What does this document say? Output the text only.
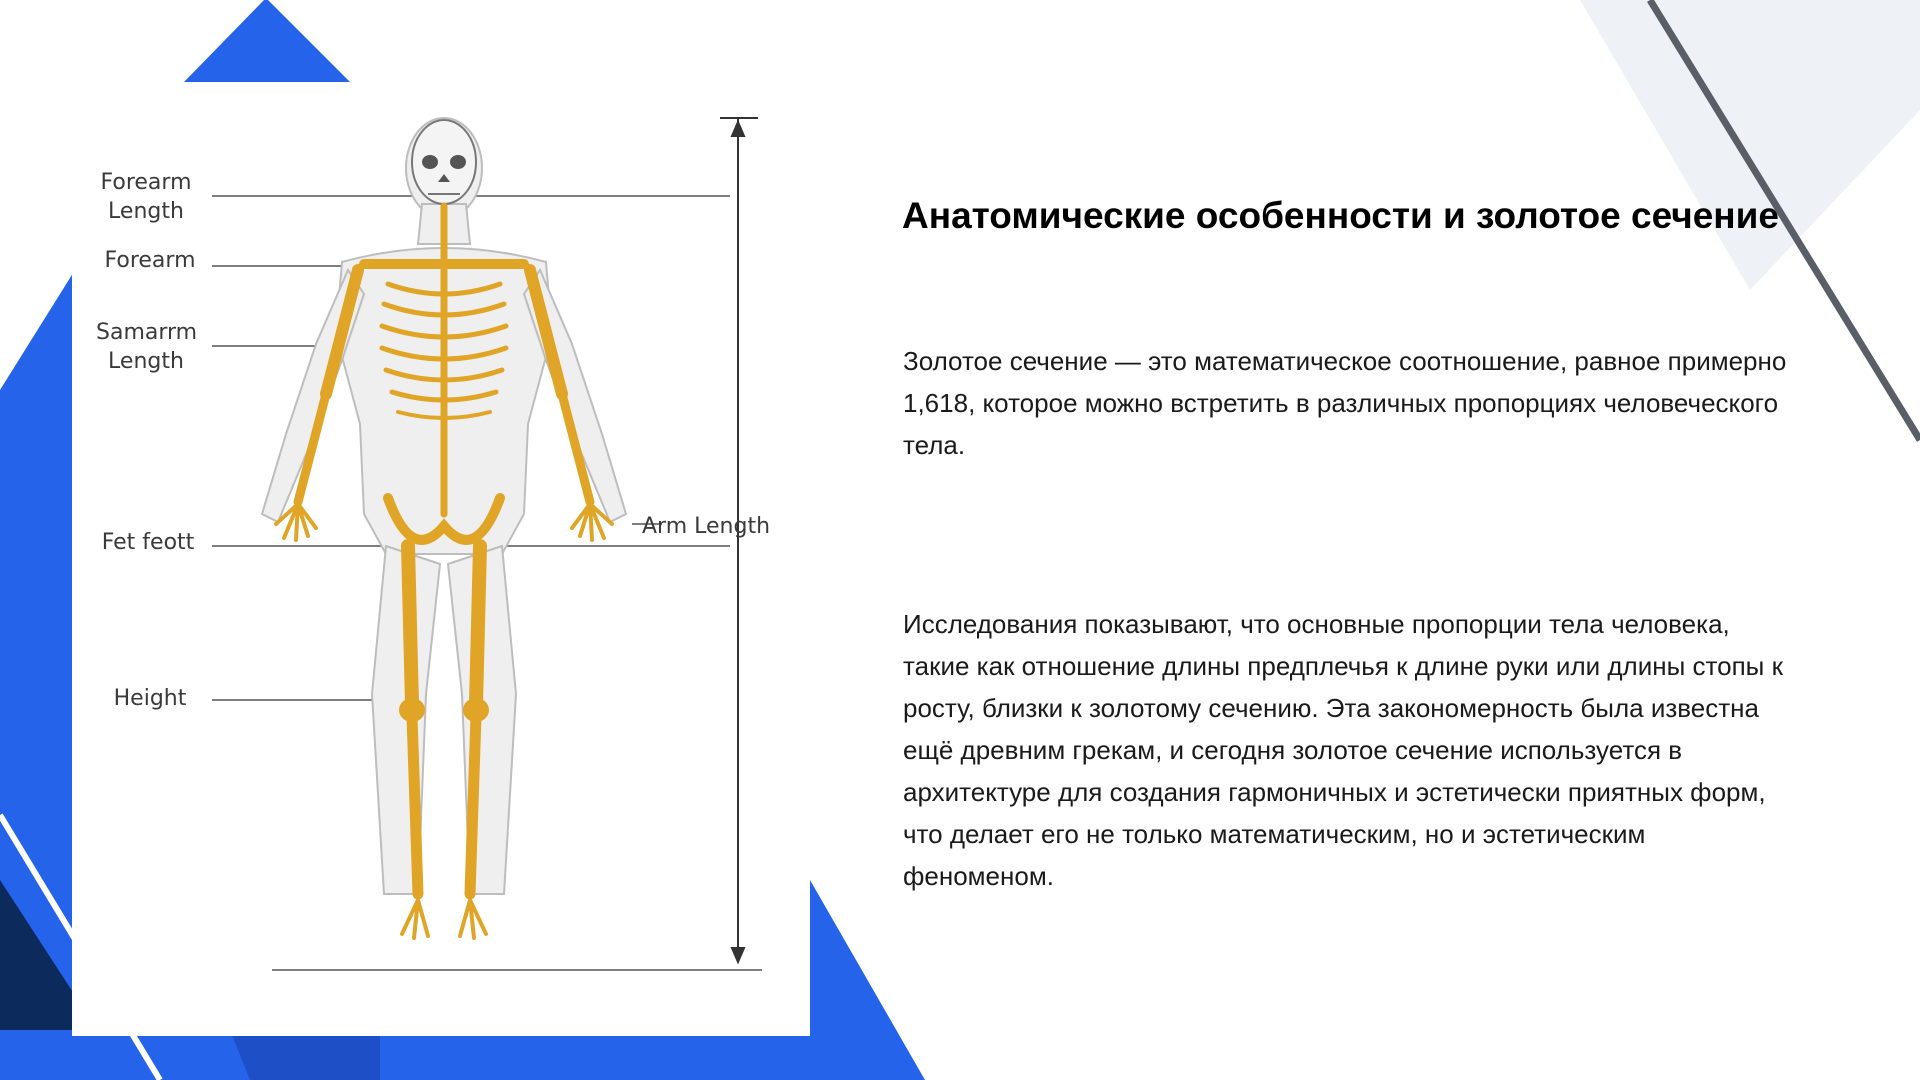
Forearm
Length
Forearm
Samarrm
Length
Fet feott
Height
Arm Length
Анатомические особенности и золотое сечение

Золотое сечение — это математическое соотношение, равное примерно 1,618, которое можно встретить в различных пропорциях человеческого тела.

Исследования показывают, что основные пропорции тела человека, такие как отношение длины предплечья к длине руки или длины стопы к росту, близки к золотому сечению. Эта закономерность была известна ещё древним грекам, и сегодня золотое сечение используется в архитектуре для создания гармоничных и эстетически приятных форм, что делает его не только математическим, но и эстетическим феноменом.
